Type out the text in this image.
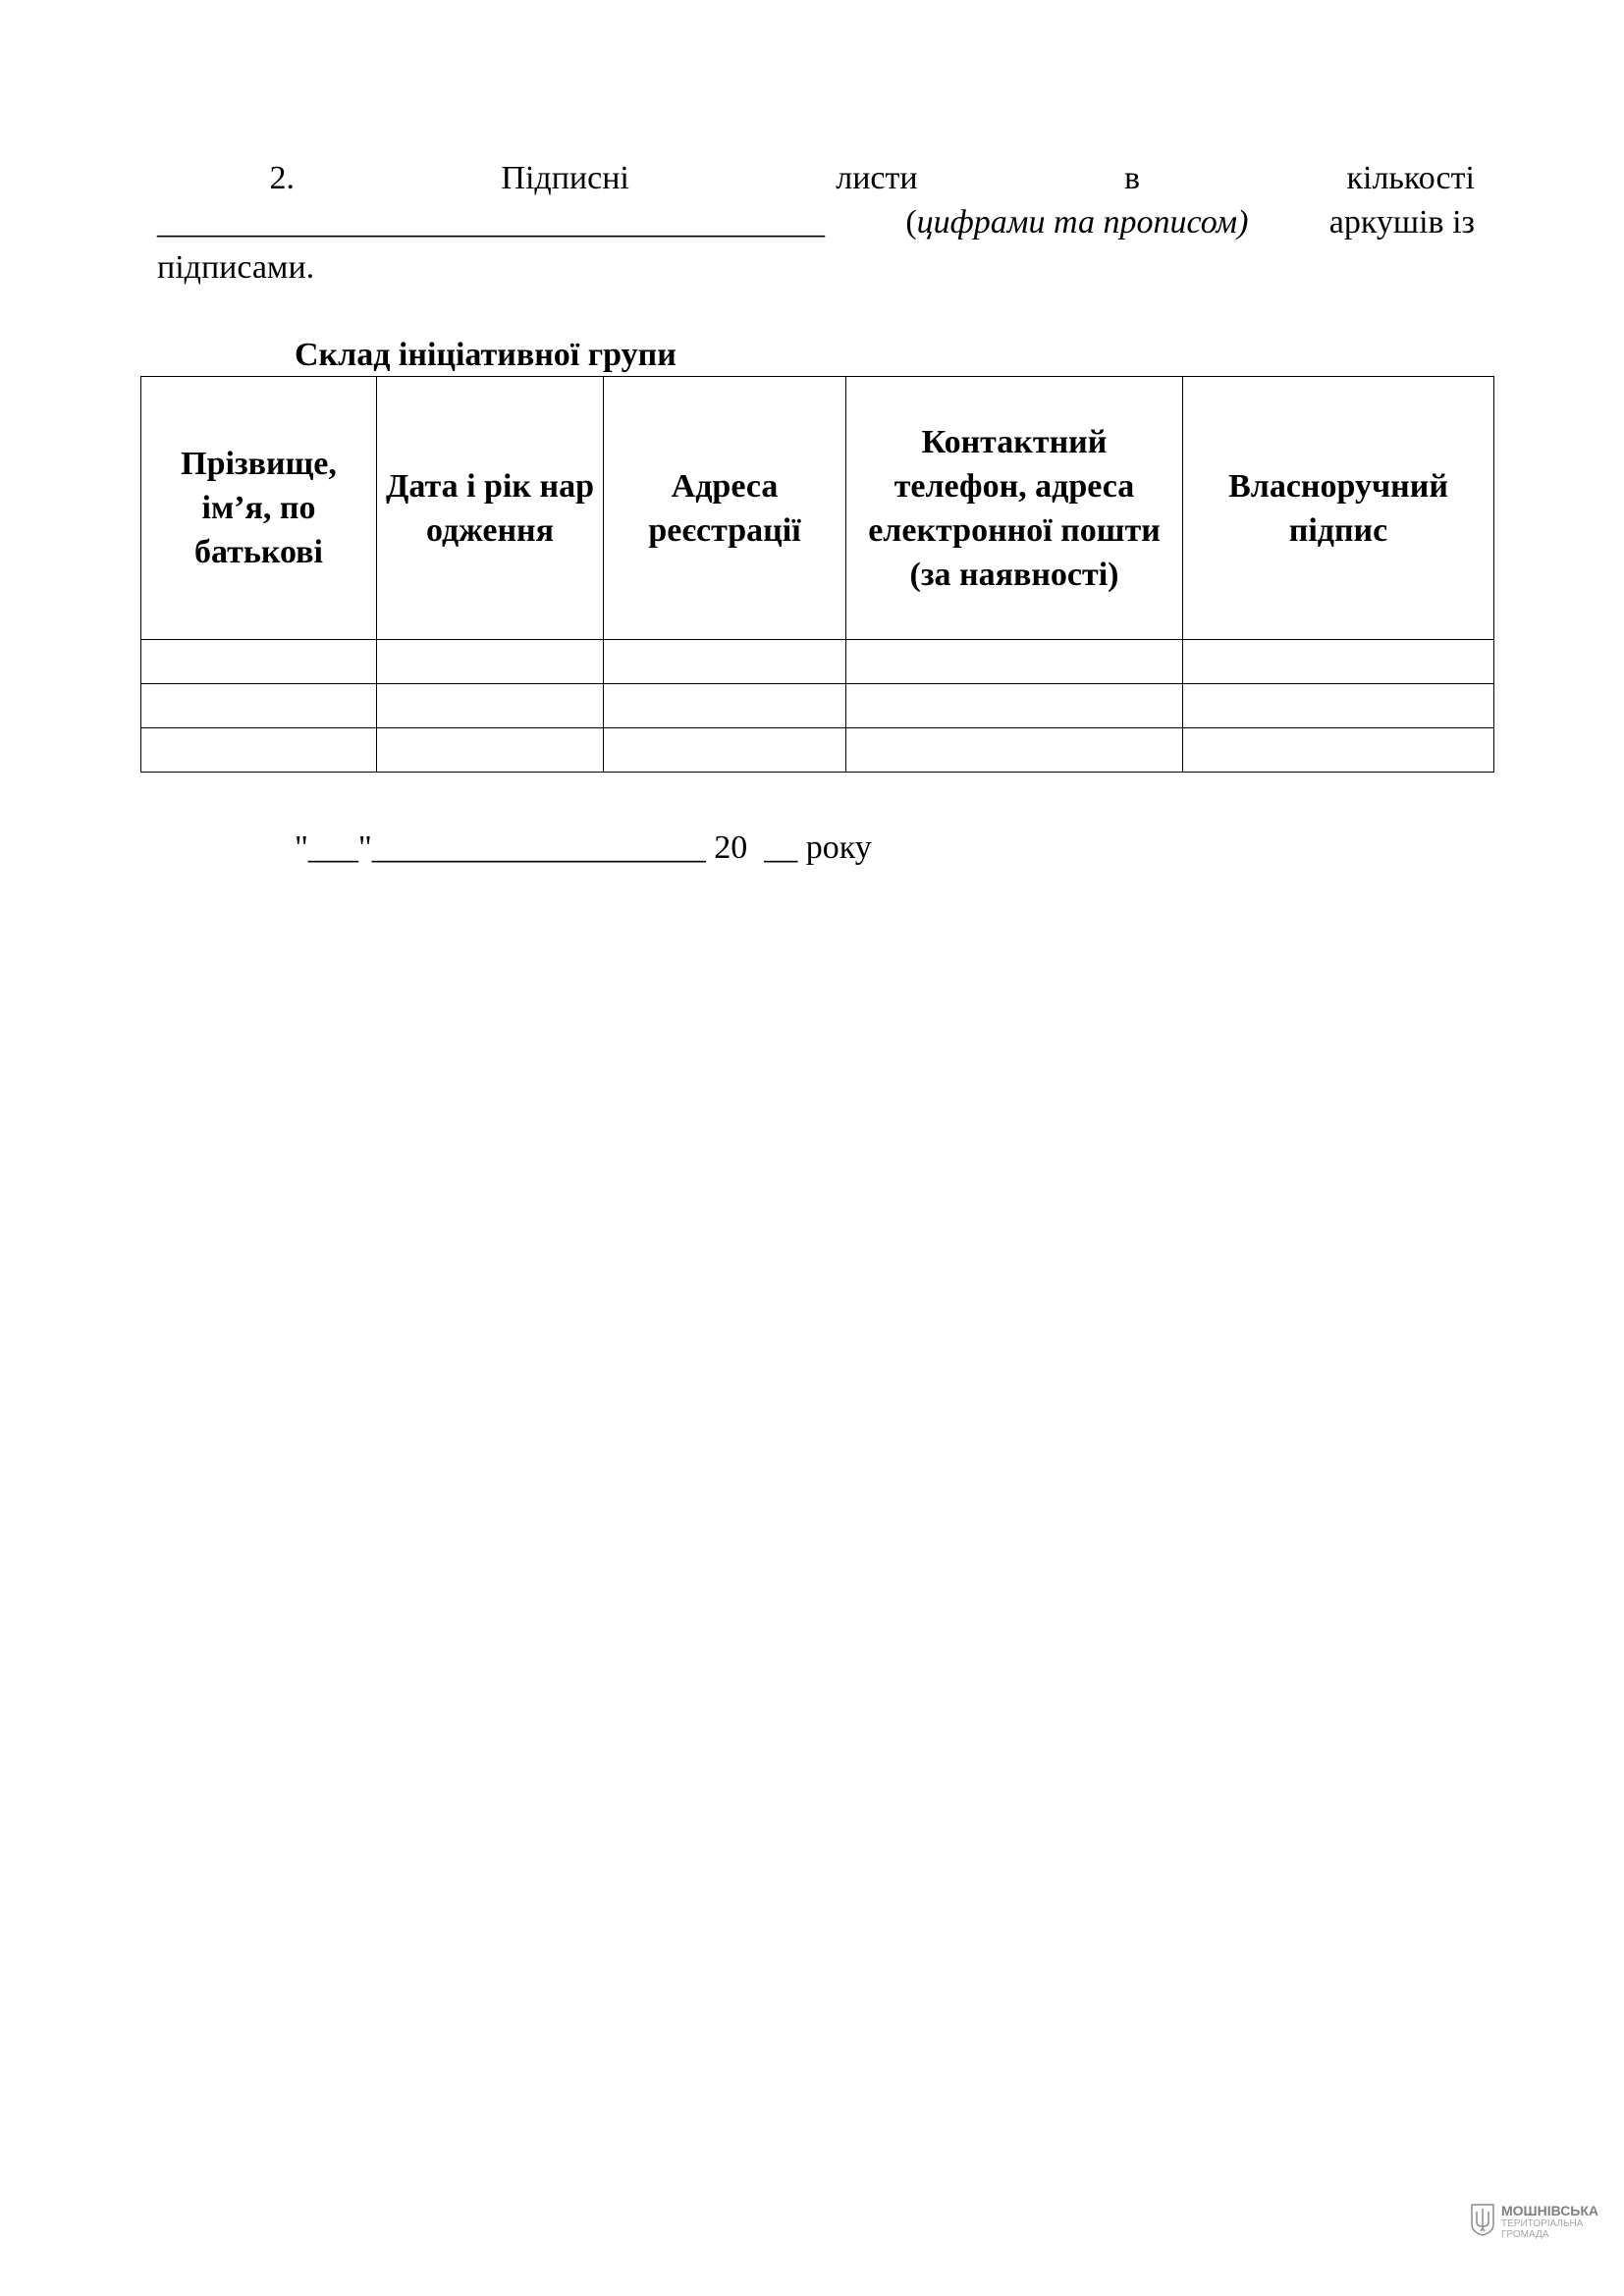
2.	Підписні	листи	в	кількості
________________________________________ (цифрами та прописом) аркушів із
підписами.
Склад ініціативної групи
Прізвище, ім’я, по батькові	Дата і рік народження	Адреса реєстрації	Контактний телефон, адреса електронної пошти (за наявності)	Власноручний підпис

"___"____________________ 20  __ року
МОШНІВСЬКА
ТЕРИТОРІАЛЬНА
ГРОМАДА
